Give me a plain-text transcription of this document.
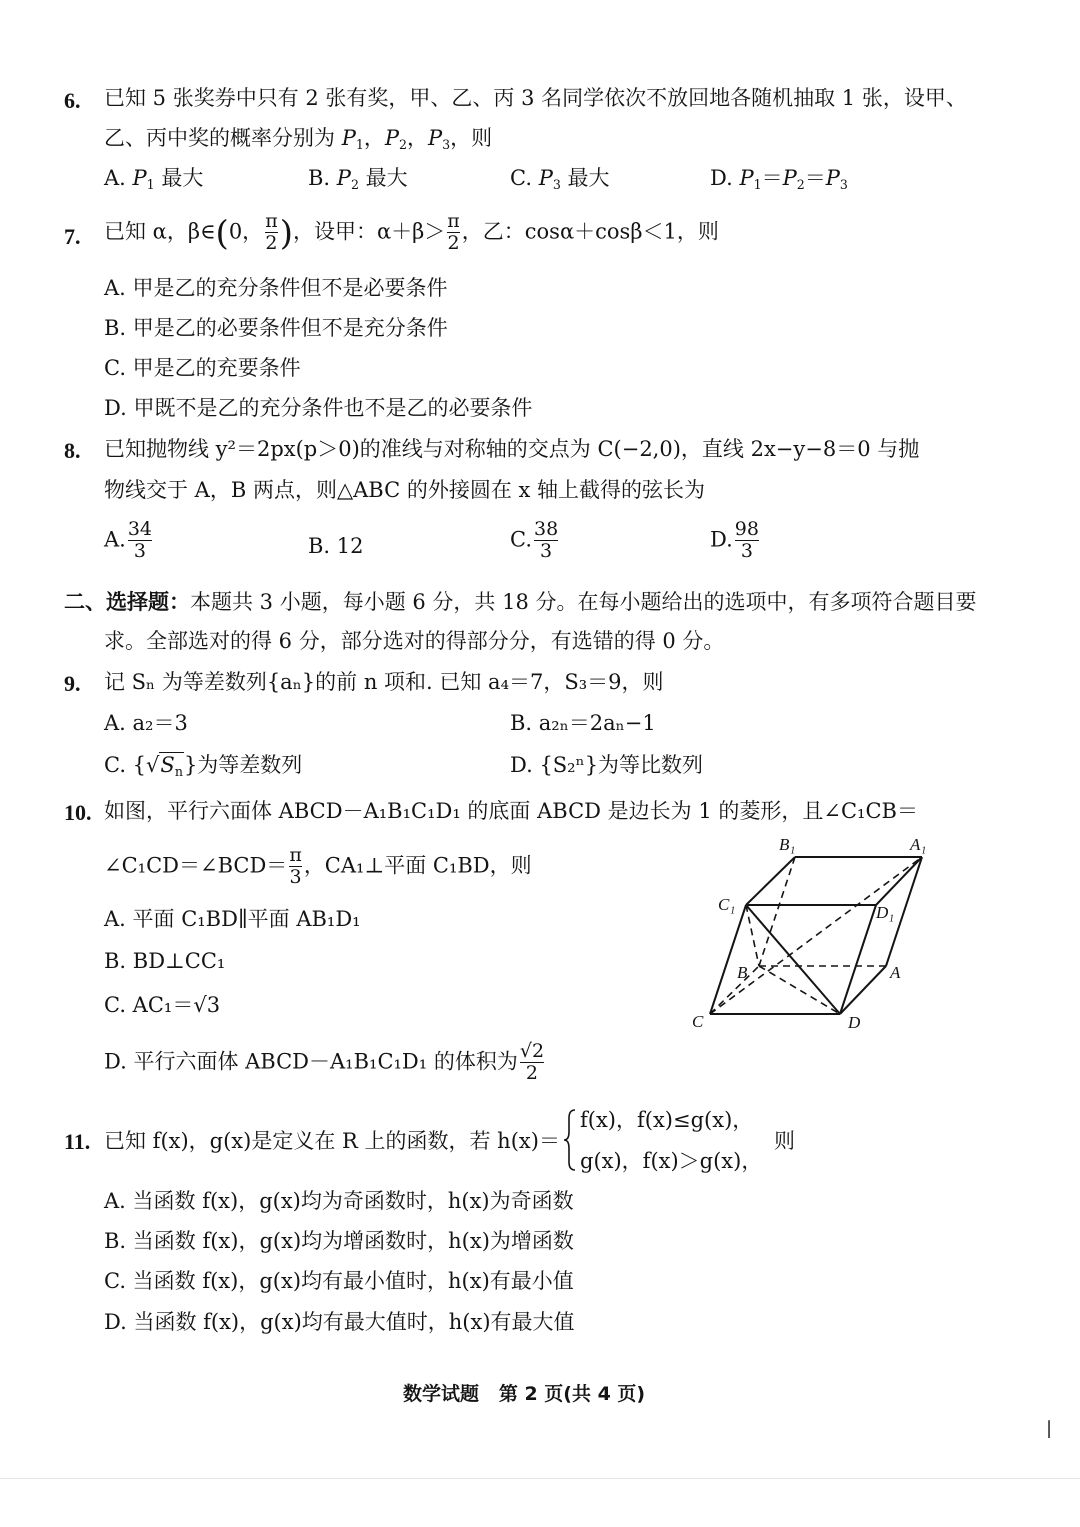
6. 已知 5 张奖券中只有 2 张有奖，甲、乙、丙 3 名同学依次不放回地各随机抽取 1 张，设甲、
乙、丙中奖的概率分别为 $P_1$，$P_2$，$P_3$，则
A. $P_1$ 最大	B. $P_2$ 最大	C. $P_3$ 最大	D. $P_1=P_2=P_3$
7. 已知 α，β∈(0， $\frac{\pi}{2}$ )，设甲：$\alpha+\beta> \frac{\pi}{2}$ ，乙：cosα＋cosβ＜1，则
A. 甲是乙的充分条件但不是必要条件
B. 甲是乙的必要条件但不是充分条件
C. 甲是乙的充要条件
D. 甲既不是乙的充分条件也不是乙的必要条件
8. 已知抛物线 y²＝2px(p＞0)的准线与对称轴的交点为 C(−2,0)，直线 2x−y−8＝0 与抛
物线交于 A，B 两点，则△ABC 的外接圆在 x 轴上截得的弦长为
A. $\frac{34}{3}$	B. 12	C. $\frac{38}{3}$	D. $\frac{98}{3}$
二、选择题：本题共 3 小题，每小题 6 分，共 18 分。在每小题给出的选项中，有多项符合题目要
求。全部选对的得 6 分，部分选对的得部分分，有选错的得 0 分。
9. 记 Sₙ 为等差数列{aₙ}的前 n 项和. 已知 a₄＝7，S₃＝9，则
A. a₂＝3	B. a₂ₙ＝2aₙ−1
C. $\{√S_n\}$为等差数列	D. {S₂ⁿ}为等比数列
10. 如图，平行六面体 ABCD－A₁B₁C₁D₁ 的底面 ABCD 是边长为 1 的菱形，且∠C₁CB＝
∠C₁CD＝∠BCD＝ $\frac{\pi}{3}$ ，CA₁⊥平面 C₁BD，则
A. 平面 C₁BD∥平面 AB₁D₁
B. BD⊥CC₁
C. AC₁＝√3
D. 平行六面体 ABCD－A₁B₁C₁D₁ 的体积为 $\frac{√2}{2}$
B₁	A₁
C₁	D₁
B	A
C	D
11. 已知 f(x)，g(x)是定义在 R 上的函数，若 h(x)＝
f(x)，f(x)≤g(x)，
g(x)，f(x)＞g(x)，
则
A. 当函数 f(x)，g(x)均为奇函数时，h(x)为奇函数
B. 当函数 f(x)，g(x)均为增函数时，h(x)为增函数
C. 当函数 f(x)，g(x)均有最小值时，h(x)有最小值
D. 当函数 f(x)，g(x)均有最大值时，h(x)有最大值
数学试题   第 2 页(共 4 页)
|
